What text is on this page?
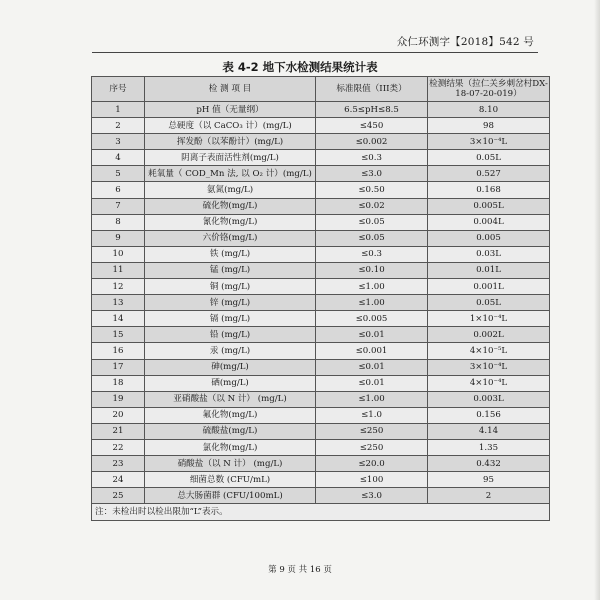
众仁环测字【2018】542 号
表 4-2 地下水检测结果统计表
序号	检 测 项 目	标准限值（III类）	检测结果（拉仁关乡刺岔村DX-18-07-20-019）
1	pH 值（无量纲）	6.5≤pH≤8.5	8.10
2	总硬度（以 CaCO₃ 计）(mg/L)	≤450	98
3	挥发酚（以苯酚计）(mg/L)	≤0.002	3×10⁻⁴L
4	阴离子表面活性剂(mg/L)	≤0.3	0.05L
5	耗氧量（ COD_Mn 法, 以 O₂ 计）(mg/L)	≤3.0	0.527
6	氨氮(mg/L)	≤0.50	0.168
7	硫化物(mg/L)	≤0.02	0.005L
8	氰化物(mg/L)	≤0.05	0.004L
9	六价铬(mg/L)	≤0.05	0.005
10	铁 (mg/L)	≤0.3	0.03L
11	锰 (mg/L)	≤0.10	0.01L
12	铜 (mg/L)	≤1.00	0.001L
13	锌 (mg/L)	≤1.00	0.05L
14	镉 (mg/L)	≤0.005	1×10⁻⁴L
15	铅 (mg/L)	≤0.01	0.002L
16	汞 (mg/L)	≤0.001	4×10⁻⁵L
17	砷(mg/L)	≤0.01	3×10⁻⁴L
18	硒(mg/L)	≤0.01	4×10⁻⁴L
19	亚硝酸盐（以 N 计） (mg/L)	≤1.00	0.003L
20	氟化物(mg/L)	≤1.0	0.156
21	硫酸盐(mg/L)	≤250	4.14
22	氯化物(mg/L)	≤250	1.35
23	硝酸盐（以 N 计） (mg/L)	≤20.0	0.432
24	细菌总数 (CFU/mL)	≤100	95
25	总大肠菌群 (CFU/100mL)	≤3.0	2
注：未检出时以检出限加“L”表示。			
第 9 页 共 16 页
